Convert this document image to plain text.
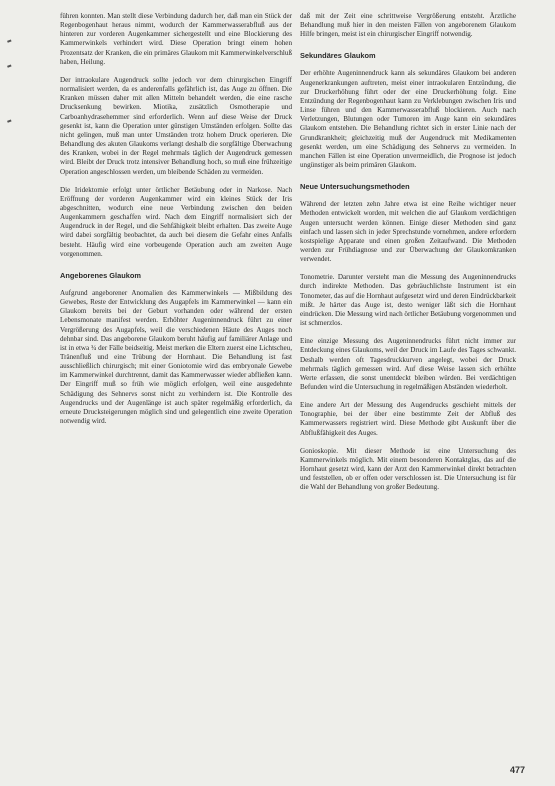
führen konnten. Man stellt diese Verbindung dadurch her, daß man ein Stück der Regenbogenhaut heraus nimmt, wodurch der Kammerwasserabfluß aus der hinteren zur vorderen Augenkammer sichergestellt und eine Blockierung des Kammerwinkels verhindert wird. Diese Operation bringt einem hohen Prozentsatz der Kranken, die ein primäres Glaukom mit Kammerwinkelverschluß haben, Heilung.

Der intraokulare Augendruck sollte jedoch vor dem chirurgischen Eingriff normalisiert werden, da es anderenfalls gefährlich ist, das Auge zu öffnen. Die Kranken müssen daher mit allen Mitteln behandelt werden, die eine rasche Drucksenkung bewirken. Miotika, zusätzlich Osmotherapie und Carboanhydrasehemmer sind erforderlich. Wenn auf diese Weise der Druck gesenkt ist, kann die Operation unter günstigen Umständen erfolgen. Sollte das nicht gelingen, muß man unter Umständen trotz hohem Druck operieren. Die Behandlung des akuten Glaukoms verlangt deshalb die sorgfältige Überwachung des Kranken, wobei in der Regel mehrmals täglich der Augendruck gemessen wird. Bleibt der Druck trotz intensiver Behandlung hoch, so muß eine frühzeitige Operation angeschlossen werden, um bleibende Schäden zu vermeiden.

Die Iridektomie erfolgt unter örtlicher Betäubung oder in Narkose. Nach Eröffnung der vorderen Augenkammer wird ein kleines Stück der Iris abgeschnitten, wodurch eine neue Verbindung zwischen den beiden Augenkammern geschaffen wird. Nach dem Eingriff normalisiert sich der Augendruck in der Regel, und die Sehfähigkeit bleibt erhalten. Das zweite Auge wird dabei sorgfältig beobachtet, da auch bei diesem die Gefahr eines Anfalls besteht. Häufig wird eine vorbeugende Operation auch am zweiten Auge vorgenommen.

Angeborenes Glaukom

Aufgrund angeborener Anomalien des Kammerwinkels — Mißbildung des Gewebes, Reste der Entwicklung des Augapfels im Kammerwinkel — kann ein Glaukom bereits bei der Geburt vorhanden oder während der ersten Lebensmonate manifest werden. Erhöhter Augeninnendruck führt zu einer Vergrößerung des Augapfels, weil die verschiedenen Häute des Auges noch dehnbar sind. Das angeborene Glaukom beruht häufig auf familiärer Anlage und ist in etwa ¾ der Fälle beidseitig. Meist merken die Eltern zuerst eine Lichtscheu, Tränenfluß und eine Trübung der Hornhaut. Die Behandlung ist fast ausschließlich chirurgisch; mit einer Goniotomie wird das embryonale Gewebe im Kammerwinkel durchtrennt, damit das Kammerwasser wieder abfließen kann. Der Eingriff muß so früh wie möglich erfolgen, weil eine ausgedehnte Schädigung des Sehnervs sonst nicht zu verhindern ist. Die Kontrolle des Augendrucks und der Augenlänge ist auch später regelmäßig erforderlich, da erneute Drucksteigerungen möglich sind und gelegentlich eine zweite Operation notwendig wird.

daß mit der Zeit eine schrittweise Vergrößerung entsteht. Ärztliche Behandlung muß hier in den meisten Fällen von angeborenem Glaukom Hilfe bringen, meist ist ein chirurgischer Eingriff notwendig.

Sekundäres Glaukom

Der erhöhte Augeninnendruck kann als sekundäres Glaukom bei anderen Augenerkrankungen auftreten, meist einer intraokularen Entzündung, die zur Druckerhöhung führt oder der eine Druckerhöhung folgt. Eine Entzündung der Regenbogenhaut kann zu Verklebungen zwischen Iris und Linse führen und den Kammerwasserabfluß blockieren. Auch nach Verletzungen, Blutungen oder Tumoren im Auge kann ein sekundäres Glaukom entstehen. Die Behandlung richtet sich in erster Linie nach der Grundkrankheit; gleichzeitig muß der Augendruck mit Medikamenten gesenkt werden, um eine Schädigung des Sehnervs zu vermeiden. In manchen Fällen ist eine Operation unvermeidlich, die Prognose ist jedoch ungünstiger als beim primären Glaukom.

Neue Untersuchungsmethoden

Während der letzten zehn Jahre etwa ist eine Reihe wichtiger neuer Methoden entwickelt worden, mit welchen die auf Glaukom verdächtigen Augen untersucht werden können. Einige dieser Methoden sind ganz einfach und lassen sich in jeder Sprechstunde vornehmen, andere erfordern kostspielige Apparate und einen großen Zeitaufwand. Die Methoden werden zur Frühdiagnose und zur Überwachung der Glaukomkranken verwendet.

Tonometrie. Darunter versteht man die Messung des Augeninnendrucks durch indirekte Methoden. Das gebräuchlichste Instrument ist ein Tonometer, das auf die Hornhaut aufgesetzt wird und deren Eindrückbarkeit mißt. Je härter das Auge ist, desto weniger läßt sich die Hornhaut eindrücken. Die Messung wird nach örtlicher Betäubung vorgenommen und ist schmerzlos.

Eine einzige Messung des Augeninnendrucks führt nicht immer zur Entdeckung eines Glaukoms, weil der Druck im Laufe des Tages schwankt. Deshalb werden oft Tagesdruckkurven angelegt, wobei der Druck mehrmals täglich gemessen wird. Auf diese Weise lassen sich erhöhte Werte erfassen, die sonst unentdeckt bleiben würden. Bei verdächtigen Befunden wird die Untersuchung in regelmäßigen Abständen wiederholt.

Eine andere Art der Messung des Augendrucks geschieht mittels der Tonographie, bei der über eine bestimmte Zeit der Abfluß des Kammerwassers registriert wird. Diese Methode gibt Auskunft über die Abflußfähigkeit des Auges.

Gonioskopie. Mit dieser Methode ist eine Untersuchung des Kammerwinkels möglich. Mit einem besonderen Kontaktglas, das auf die Hornhaut gesetzt wird, kann der Arzt den Kammerwinkel direkt betrachten und feststellen, ob er offen oder verschlossen ist. Die Untersuchung ist für die Wahl der Behandlung von großer Bedeutung.

477
